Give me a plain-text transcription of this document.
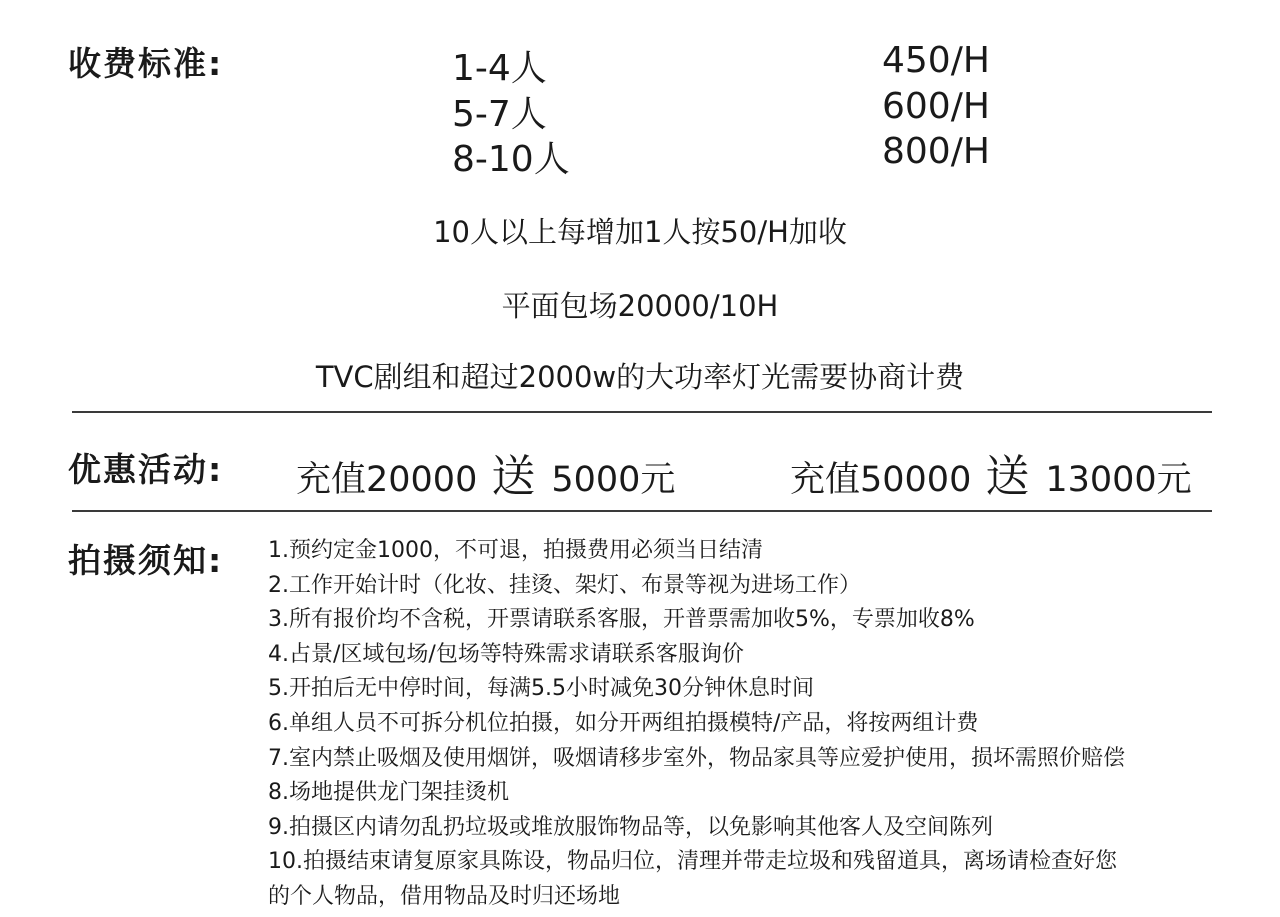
收费标准:	1-4人	450/H
5-7人	600/H
8-10人	800/H
10人以上每增加1人按50/H加收
平面包场20000/10H
TVC剧组和超过2000w的大功率灯光需要协商计费
优惠活动: 充值20000 送 5000元	充值50000 送 13000元
拍摄须知: 1.预约定金1000，不可退，拍摄费用必须当日结清
2.工作开始计时（化妆、挂烫、架灯、布景等视为进场工作）
3.所有报价均不含税，开票请联系客服，开普票需加收5%，专票加收8%
4.占景/区域包场/包场等特殊需求请联系客服询价
5.开拍后无中停时间，每满5.5小时减免30分钟休息时间
6.单组人员不可拆分机位拍摄，如分开两组拍摄模特/产品，将按两组计费
7.室内禁止吸烟及使用烟饼，吸烟请移步室外，物品家具等应爱护使用，损坏需照价赔偿
8.场地提供龙门架挂烫机
9.拍摄区内请勿乱扔垃圾或堆放服饰物品等，以免影响其他客人及空间陈列
10.拍摄结束请复原家具陈设，物品归位，清理并带走垃圾和残留道具，离场请检查好您
的个人物品，借用物品及时归还场地
